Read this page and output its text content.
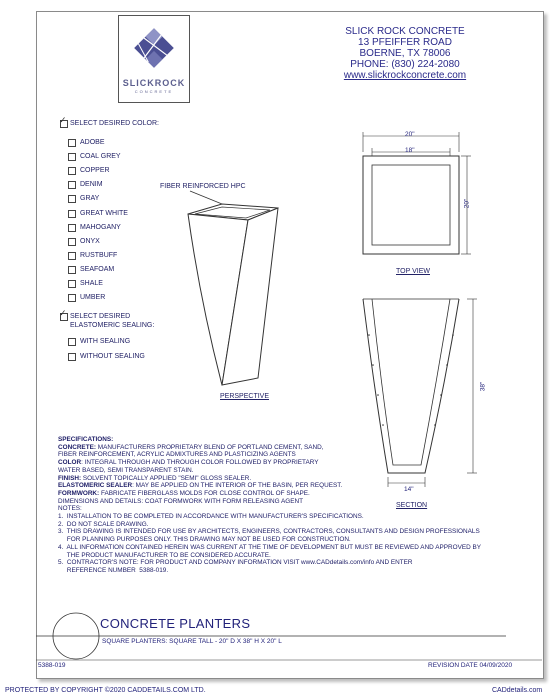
SLICKROCK
CONCRETE
SLICK ROCK CONCRETE
13 PFEIFFER ROAD
BOERNE, TX 78006
PHONE: (830) 224-2080
www.slickrockconcrete.com
✓ SELECT DESIRED COLOR:
ADOBE
COAL GREY
COPPER
DENIM
GRAY
GREAT WHITE
MAHOGANY
ONYX
RUSTBUFF
SEAFOAM
SHALE
UMBER
✓ SELECT DESIRED
ELASTOMERIC SEALING:
WITH SEALING
WITHOUT SEALING
FIBER REINFORCED HPC
PERSPECTIVE
20"
18"
20"
TOP VIEW
38"
14"
SECTION
SPECIFICATIONS:
CONCRETE: MANUFACTURERS PROPRIETARY BLEND OF PORTLAND CEMENT, SAND,
FIBER REINFORCEMENT, ACRYLIC ADMIXTURES AND PLASTICIZING AGENTS
COLOR: INTEGRAL THROUGH AND THROUGH COLOR FOLLOWED BY PROPRIETARY
WATER BASED, SEMI TRANSPARENT STAIN.
FINISH: SOLVENT TOPICALLY APPLIED "SEMI" GLOSS SEALER.
ELASTOMERIC SEALER: MAY BE APPLIED ON THE INTERIOR OF THE BASIN, PER REQUEST.
FORMWORK: FABRICATE FIBERGLASS MOLDS FOR CLOSE CONTROL OF SHAPE.
DIMENSIONS AND DETAILS: COAT FORMWORK WITH FORM RELEASING AGENT
NOTES:
1.  INSTALLATION TO BE COMPLETED IN ACCORDANCE WITH MANUFACTURER'S SPECIFICATIONS.
2.  DO NOT SCALE DRAWING.
3.  THIS DRAWING IS INTENDED FOR USE BY ARCHITECTS, ENGINEERS, CONTRACTORS, CONSULTANTS AND DESIGN PROFESSIONALS
FOR PLANNING PURPOSES ONLY. THIS DRAWING MAY NOT BE USED FOR CONSTRUCTION.
4.  ALL INFORMATION CONTAINED HEREIN WAS CURRENT AT THE TIME OF DEVELOPMENT BUT MUST BE REVIEWED AND APPROVED BY
THE PRODUCT MANUFACTURER TO BE CONSIDERED ACCURATE.
5.  CONTRACTOR'S NOTE: FOR PRODUCT AND COMPANY INFORMATION VISIT www.CADdetails.com/info AND ENTER
REFERENCE NUMBER  5388-019.
CONCRETE PLANTERS
SQUARE PLANTERS: SQUARE TALL - 20" D X 38" H X 20" L
5388-019	REVISION DATE 04/09/2020
PROTECTED BY COPYRIGHT ©2020 CADDETAILS.COM LTD.	CADdetails.com
